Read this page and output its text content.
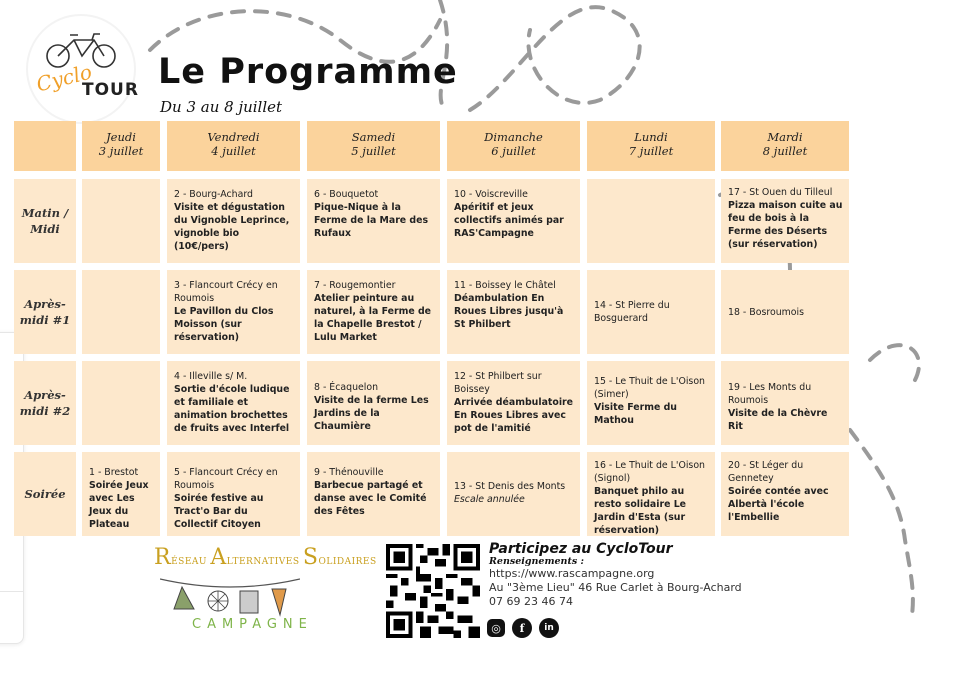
Cyclo
TOUR Le Programme
Du 3 au 8 juillet
Jeudi
3 juillet
Vendredi
4 juillet
Samedi
5 juillet
Dimanche
6 juillet
Lundi
7 juillet
Mardi
8 juillet
Matin /
Midi
Après-
midi #1
Après-
midi #2
Soirée
2 - Bourg-Achard
Visite et dégustation du Vignoble Leprince, vignoble bio (10€/pers)
6 - Bouquetot
Pique-Nique à la Ferme de la Mare des Rufaux
10 - Voiscreville
Apéritif et jeux collectifs animés par RAS'Campagne
17 - St Ouen du Tilleul
Pizza maison cuite au feu de bois à la Ferme des Déserts (sur réservation)
3 - Flancourt Crécy en Roumois
Le Pavillon du Clos Moisson (sur réservation)
7 - Rougemontier
Atelier peinture au naturel, à la Ferme de la Chapelle Brestot / Lulu Market
11 - Boissey le Châtel
Déambulation En Roues Libres jusqu'à St Philbert
14 - St Pierre du Bosguerard
18 - Bosroumois
4 - Illeville s/ M.
Sortie d'école ludique et familiale et animation brochettes de fruits avec Interfel
8 - Écaquelon
Visite de la ferme Les Jardins de la Chaumière
12 - St Philbert sur Boissey
Arrivée déambulatoire En Roues Libres avec pot de l'amitié
15 - Le Thuit de L'Oison (Simer)
Visite Ferme du Mathou
19 - Les Monts du Roumois
Visite de la Chèvre Rit
1 - Brestot
Soirée Jeux avec Les Jeux du Plateau
5 - Flancourt Crécy en Roumois
Soirée festive au Tract'o Bar du Collectif Citoyen
9 - Thénouville
Barbecue partagé et danse avec le Comité des Fêtes
13 - St Denis des Monts
Escale annulée
16 - Le Thuit de L'Oison (Signol)
Banquet philo au resto solidaire Le Jardin d'Esta (sur réservation)
20 - St Léger du Gennetey
Soirée contée avec Albertà l'école l'Embellie
RÉSEAU ALTERNATIVES SOLIDAIRES
CAMPAGNE
Participez au CycloTour
Renseignements :
https://www.rascampagne.org
Au "3ème Lieu" 46 Rue Carlet à Bourg-Achard
07 69 23 46 74
◎	f	in
